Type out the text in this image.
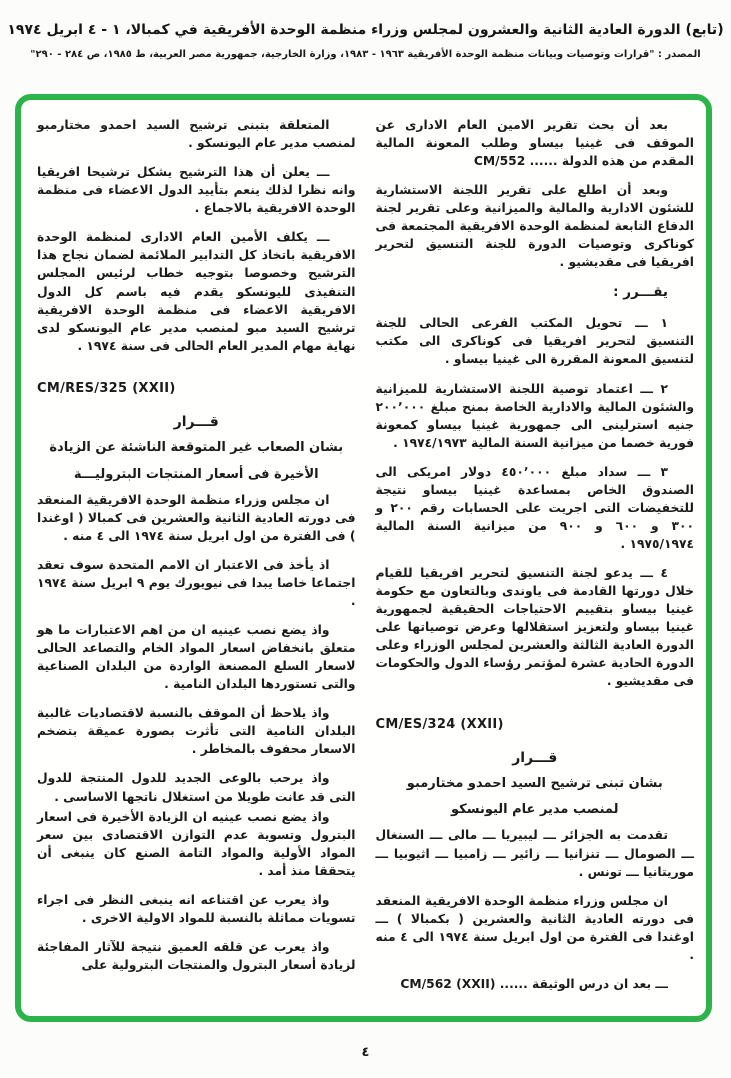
(تابع) الدورة العادية الثانية والعشرون لمجلس وزراء منظمة الوحدة الأفريقية في كمبالا، ١ - ٤ ابريل ١٩٧٤
المصدر : "قرارات وتوصيات وبيانات منظمة الوحدة الأفريقية ١٩٦٣ - ١٩٨٣، وزارة الخارجية، جمهورية مصر العربية، ط ١٩٨٥، ص ٢٨٤ - ٢٩٠"

بعد أن بحث تقرير الامين العام الادارى عن الموقف فى غينيا بيساو وطلب المعونة المالية المقدم من هذه الدولة ...... CM/552

وبعد أن اطلع على تقرير اللجنة الاستشارية للشئون الادارية والمالية والميزانية وعلى تقرير لجنة الدفاع التابعة لمنظمة الوحدة الافريقية المجتمعة فى كوناكرى وتوصيات الدورة للجنة التنسيق لتحرير افريقيا فى مقديشيو .

يقـــرر :

١ ـــ تحويل المكتب الفرعى الحالى للجنة التنسيق لتحرير افريقيا فى كوناكرى الى مكتب لتنسيق المعونة المقررة الى غينيا بيساو .

٢ ـــ اعتماد توصية اللجنة الاستشارية للميزانية والشئون المالية والادارية الخاصة بمنح مبلغ ٢٠٠٬٠٠٠ جنيه استرلينى الى جمهورية غينيا بيساو كمعونة فورية خصما من ميزانية السنة المالية ١٩٧٤/١٩٧٣ .

٣ ـــ سداد مبلغ ٤٥٠٬٠٠٠ دولار امريكى الى الصندوق الخاص بمساعدة غينيا بيساو نتيجة للتخفيضات التى اجريت على الحسابات رقم ٢٠٠ و ٣٠٠ و ٦٠٠ و ٩٠٠ من ميزانية السنة المالية ١٩٧٥/١٩٧٤ .

٤ ـــ يدعو لجنة التنسيق لتحرير افريقيا للقيام خلال دورتها القادمة فى ياوندى وبالتعاون مع حكومة غينيا بيساو بتقييم الاحتياجات الحقيقية لجمهورية غينيا بيساو ولتعزيز استقلالها وعرض توصياتها على الدورة العادية الثالثة والعشرين لمجلس الوزراء وعلى الدورة الحادية عشرة لمؤتمر رؤساء الدول والحكومات فى مقديشيو .

CM/ES/324 (XXII)‎

قـــرار

بشان تبنى ترشيح السيد احمدو مختارمبو

لمنصب مدير عام اليونسكو

تقدمت به الجزائر ـــ ليبيريا ـــ مالى ـــ السنغال ـــ الصومال ـــ تنزانيا ـــ زائير ـــ زامبيا ـــ اثيوبيا ـــ موريتانيا ـــ تونس .

ان مجلس وزراء منظمة الوحدة الافريقية المنعقد فى دورته العادية الثانية والعشرين ( بكمبالا ) ـــ اوغندا فى الفترة من اول ابريل سنة ١٩٧٤ الى ٤ منه .

ـــ بعد ان درس الوثيقة ...... CM/562 (XXII)‎

المتعلقة بتبنى ترشيح السيد احمدو مختارمبو لمنصب مدير عام اليونسكو .

ـــ يعلن أن هذا الترشيح يشكل ترشيحا افريقيا وانه نظرا لذلك ينعم بتأييد الدول الاعضاء فى منظمة الوحدة الافريقية بالاجماع .

ـــ يكلف الأمين العام الادارى لمنظمة الوحدة الافريقية باتخاذ كل التدابير الملائمة لضمان نجاح هذا الترشيح وخصوصا بتوجيه خطاب لرئيس المجلس التنفيذى لليونسكو يقدم فيه باسم كل الدول الافريقية الاعضاء فى منظمة الوحدة الافريقية ترشيح السيد مبو لمنصب مدير عام اليونسكو لدى نهاية مهام المدير العام الحالى فى سنة ١٩٧٤ .

CM/RES/325 (XXII)‎

قـــرار

بشان الصعاب غير المتوقعة الناشئة عن الزيادة

الأخيرة فى أسعار المنتجات البتروليـــة

ان مجلس وزراء منظمة الوحدة الافريقية المنعقد فى دورته العادية الثانية والعشرين فى كمبالا ( اوغندا ) فى الفترة من اول ابريل سنة ١٩٧٤ الى ٤ منه .

اذ يأخذ فى الاعتبار ان الامم المتحدة سوف تعقد اجتماعا خاصا يبدا فى نيويورك يوم ٩ ابريل سنة ١٩٧٤ .

واذ يضع نصب عينيه ان من اهم الاعتبارات ما هو متعلق بانخفاض اسعار المواد الخام والتصاعد الحالى لاسعار السلع المصنعة الواردة من البلدان الصناعية والتى تستوردها البلدان النامية .

واذ يلاحظ أن الموقف بالنسبة لاقتصاديات غالبية البلدان النامية التى تأثرت بصورة عميقة بتضخم الاسعار محفوف بالمخاطر .

واذ يرحب بالوعى الجديد للدول المنتجة للدول التى قد عانت طويلا من استغلال ناتجها الاساسى .

واذ يضع نصب عينيه ان الزيادة الأخيرة فى اسعار البترول وتسوية عدم التوازن الاقتصادى بين سعر المواد الأولية والمواد التامة الصنع كان ينبغى أن يتحققا منذ أمد .

واذ يعرب عن اقتناعه انه ينبغى النظر فى اجراء تسويات مماثلة بالنسبة للمواد الاولية الاخرى .

واذ يعرب عن قلقه العميق نتيجة للآثار المفاجئة لزيادة أسعار البترول والمنتجات البترولية على

٤
